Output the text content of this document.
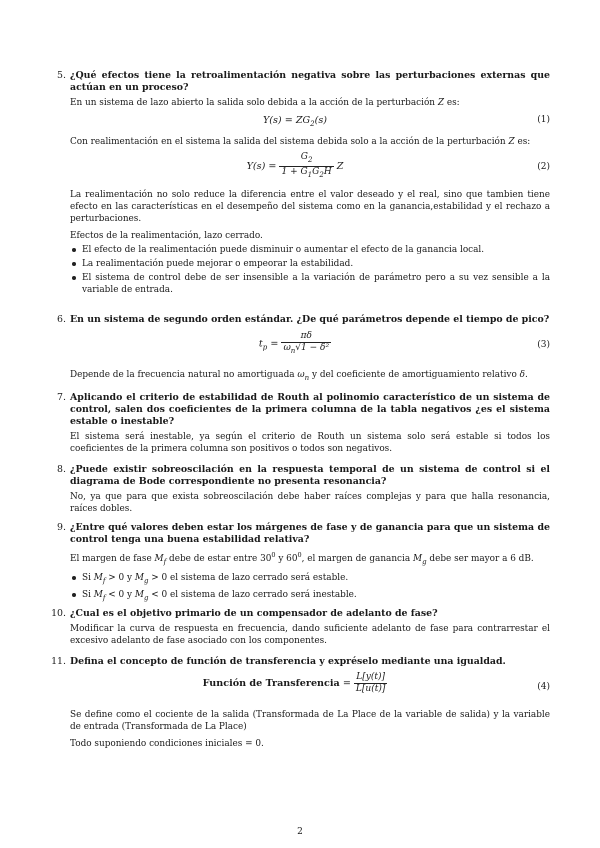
5. ¿Qué efectos tiene la retroalimentación negativa sobre las perturbaciones externas que actúan en un proceso?
En un sistema de lazo abierto la salida solo debida a la acción de la perturbación Z es:
$Y(s) = ZG_2(s)$	(1)
Con realimentación en el sistema la salida del sistema debida solo a la acción de la perturbación Z es:
$Y(s) = \frac{G_2}{1 + G_1G_2H}$ Z	(2)
La realimentación no solo reduce la diferencia entre el valor deseado y el real, sino que tambien tiene efecto en las características en el desempeño del sistema como en la ganancia,estabilidad y el rechazo a perturbaciones.
Efectos de la realimentación, lazo cerrado.
El efecto de la realimentación puede disminuir o aumentar el efecto de la ganancia local.
La realimentación puede mejorar o empeorar la estabilidad.
El sistema de control debe de ser insensible a la variación de parámetro pero a su vez sensible a la variable de entrada.
6. En un sistema de segundo orden estándar. ¿De qué parámetros depende el tiempo de pico?
$t_p = \frac{\pi\delta}{\omega_n√1 - \delta^2}$	(3)
Depende de la frecuencia natural no amortiguada $\omega_n$ y del coeficiente de amortiguamiento relativo δ.
7. Aplicando el criterio de estabilidad de Routh al polinomio característico de un sistema de control, salen dos coeficientes de la primera columna de la tabla negativos ¿es el sistema estable o inestable?
El sistema será inestable, ya según el criterio de Routh un sistema solo será estable si todos los coeficientes de la primera columna son positivos o todos son negativos.
8. ¿Puede existir sobreoscilación en la respuesta temporal de un sistema de control si el diagrama de Bode correspondiente no presenta resonancia?
No, ya que para que exista sobreoscilación debe haber raíces complejas y para que halla resonancia, raíces dobles.
9. ¿Entre qué valores deben estar los márgenes de fase y de ganancia para que un sistema de control tenga una buena estabilidad relativa?
El margen de fase $M_f$ debe de estar entre $30^0$ y $60^0$, el margen de ganancia $M_g$ debe ser mayor a 6 dB.
Si $M_f > 0$ y $M_g > 0$ el sistema de lazo cerrado será estable.
Si $M_f < 0$ y $M_g < 0$ el sistema de lazo cerrado será inestable.
10. ¿Cual es el objetivo primario de un compensador de adelanto de fase?
Modificar la curva de respuesta en frecuencia, dando suficiente adelanto de fase para contrarrestar el excesivo adelanto de fase asociado con los componentes.
11. Defina el concepto de función de transferencia y expréselo mediante una igualdad.
Función de Transferencia = $\frac{L[y(t)]}{L[u(t)]}$	(4)
Se define como el cociente de la salida (Transformada de La Place de la variable de salida) y la variable de entrada (Transformada de La Place)
Todo suponiendo condiciones iniciales = 0.
2
